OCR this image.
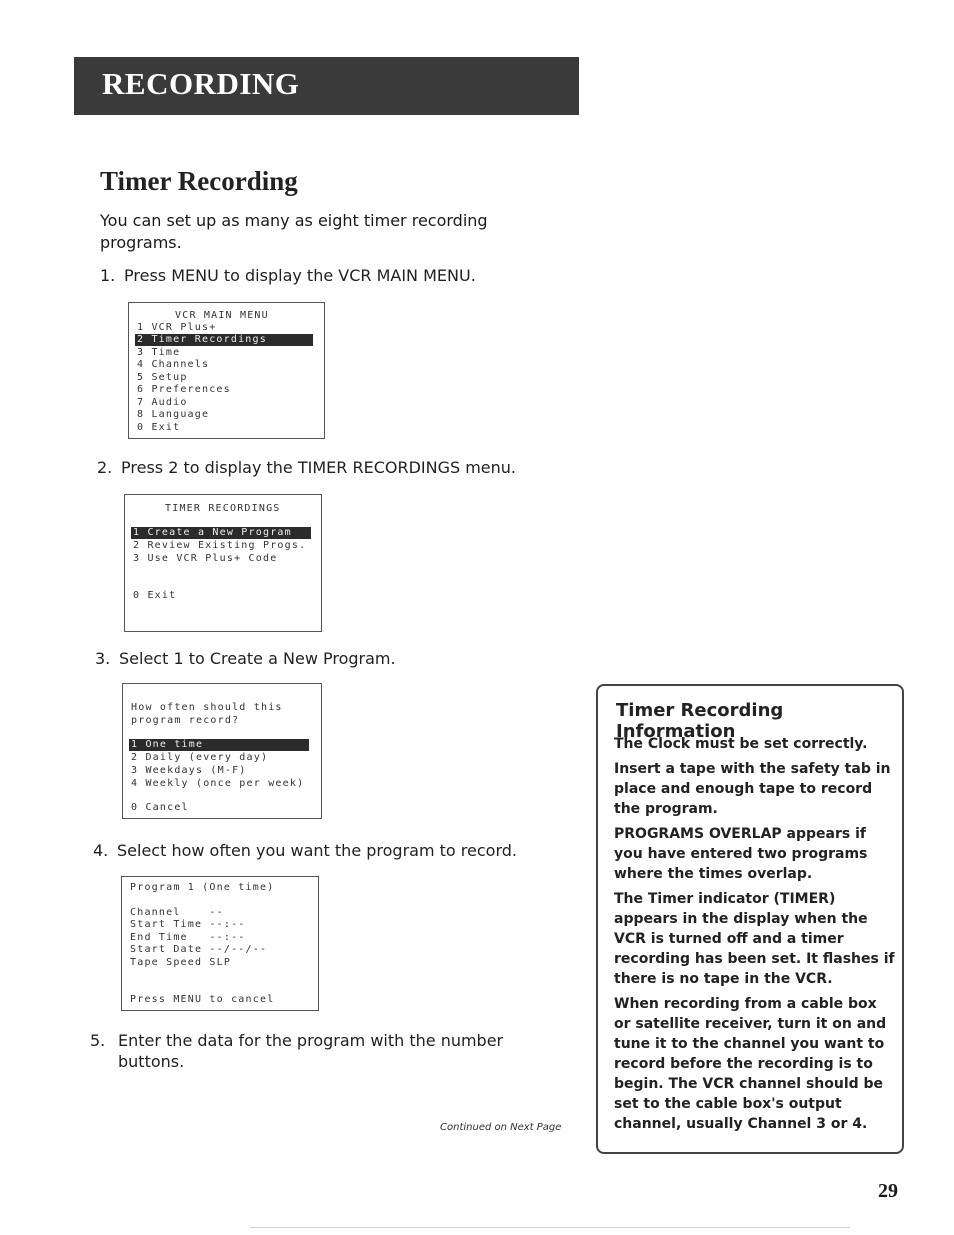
RECORDING
Timer Recording
You can set up as many as eight timer recording programs.
1. Press MENU to display the VCR MAIN MENU.
VCR MAIN MENU
1 VCR Plus+
2 Timer Recordings
3 Time
4 Channels
5 Setup
6 Preferences
7 Audio
8 Language
0 Exit
2. Press 2 to display the TIMER RECORDINGS menu.
TIMER RECORDINGS
1 Create a New Program
2 Review Existing Progs.
3 Use VCR Plus+ Code
0 Exit
3. Select 1 to Create a New Program.
How often should this
program record?
1 One time
2 Daily (every day)
3 Weekdays (M-F)
4 Weekly (once per week)
0 Cancel
4. Select how often you want the program to record.
Program 1 (One time)
Channel    --
Start Time --:--
End Time   --:--
Start Date --/--/--
Tape Speed SLP
Press MENU to cancel
5. Enter the data for the program with the number buttons.
Continued on Next Page
Timer Recording Information

The Clock must be set correctly.

Insert a tape with the safety tab in place and enough tape to record the program.

PROGRAMS OVERLAP appears if you have entered two programs where the times overlap.

The Timer indicator (TIMER) appears in the display when the VCR is turned off and a timer recording has been set. It flashes if there is no tape in the VCR.

When recording from a cable box or satellite receiver, turn it on and tune it to the channel you want to record before the recording is to begin. The VCR channel should be set to the cable box's output channel, usually Channel 3 or 4.

29
